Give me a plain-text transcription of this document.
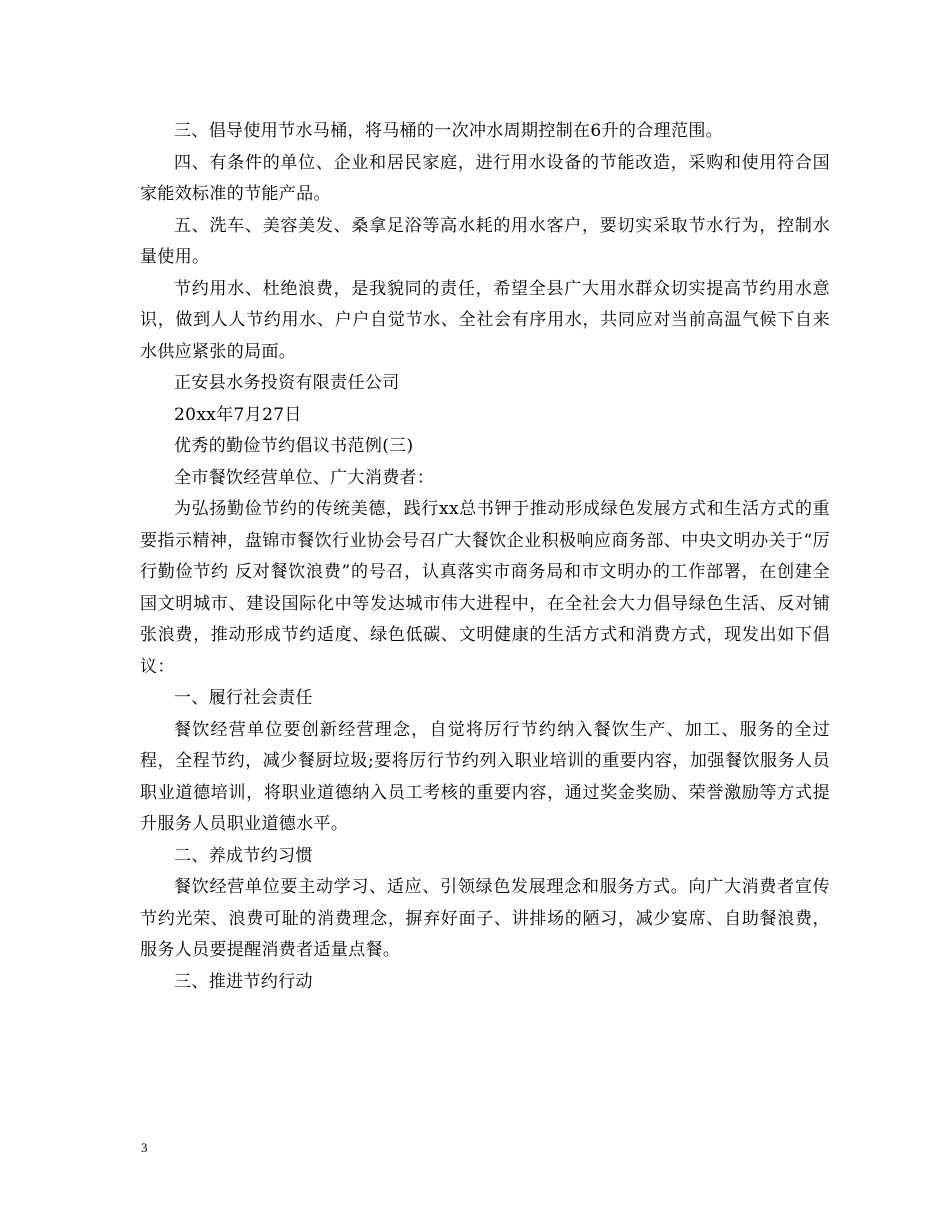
三、倡导使用节水马桶，将马桶的一次冲水周期控制在6升的合理范围。

四、有条件的单位、企业和居民家庭，进行用水设备的节能改造，采购和使用符合国家能效标准的节能产品。

五、洗车、美容美发、桑拿足浴等高水耗的用水客户，要切实采取节水行为，控制水量使用。

节约用水、杜绝浪费，是我貌同的责任，希望全县广大用水群众切实提高节约用水意识，做到人人节约用水、户户自觉节水、全社会有序用水，共同应对当前高温气候下自来水供应紧张的局面。

正安县水务投资有限责任公司

20xx年7月27日

优秀的勤俭节约倡议书范例(三)

全市餐饮经营单位、广大消费者：

为弘扬勤俭节约的传统美德，践行xx总书钾于推动形成绿色发展方式和生活方式的重要指示精神，盘锦市餐饮行业协会号召广大餐饮企业积极响应商务部、中央文明办关于“厉行勤俭节约 反对餐饮浪费”的号召，认真落实市商务局和市文明办的工作部署，在创建全国文明城市、建设国际化中等发达城市伟大进程中，在全社会大力倡导绿色生活、反对铺张浪费，推动形成节约适度、绿色低碳、文明健康的生活方式和消费方式，现发出如下倡议：

一、履行社会责任

餐饮经营单位要创新经营理念，自觉将厉行节约纳入餐饮生产、加工、服务的全过程，全程节约，减少餐厨垃圾;要将厉行节约列入职业培训的重要内容，加强餐饮服务人员职业道德培训，将职业道德纳入员工考核的重要内容，通过奖金奖励、荣誉激励等方式提升服务人员职业道德水平。

二、养成节约习惯

餐饮经营单位要主动学习、适应、引领绿色发展理念和服务方式。向广大消费者宣传节约光荣、浪费可耻的消费理念，摒弃好面子、讲排场的陋习，减少宴席、自助餐浪费，服务人员要提醒消费者适量点餐。

三、推进节约行动

3
